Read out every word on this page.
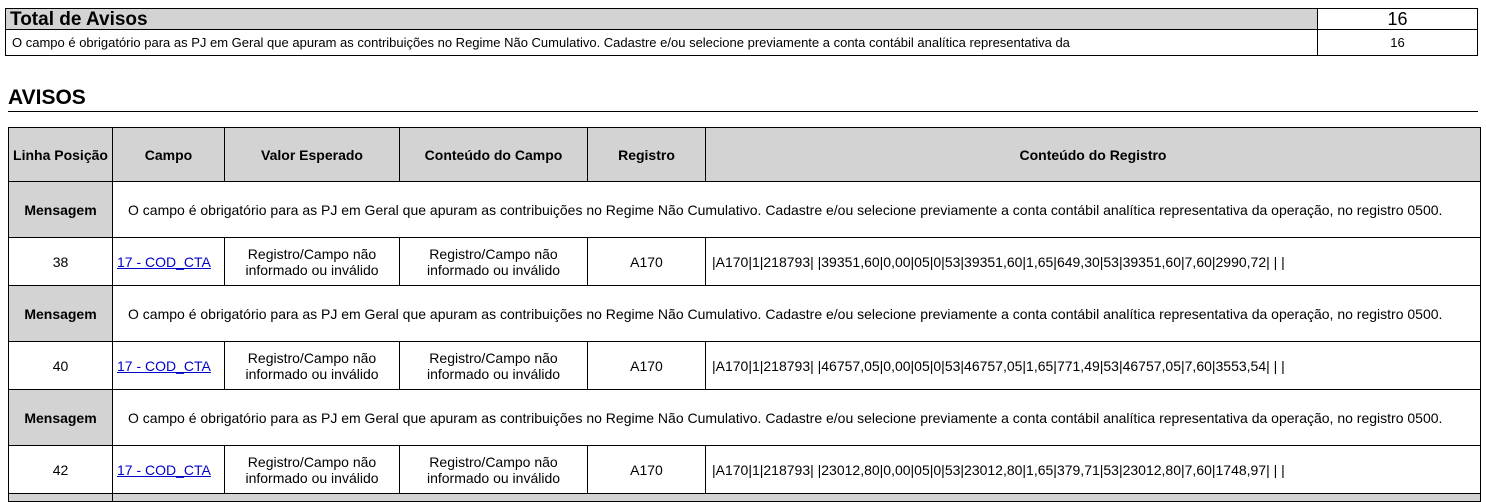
Total de Avisos	16
O campo é obrigatório para as PJ em Geral que apuram as contribuições no Regime Não Cumulativo. Cadastre e/ou selecione previamente a conta contábil analítica representativa da	16
AVISOS
Linha Posição	Campo	Valor Esperado	Conteúdo do Campo	Registro	Conteúdo do Registro
Mensagem	O campo é obrigatório para as PJ em Geral que apuram as contribuições no Regime Não Cumulativo. Cadastre e/ou selecione previamente a conta contábil analítica representativa da operação, no registro 0500.				
38	17 - COD_CTA	Registro/Campo não informado ou inválido	Registro/Campo não informado ou inválido	A170	|A170|1|218793| |39351,60|0,00|05|0|53|39351,60|1,65|649,30|53|39351,60|7,60|2990,72| | |
Mensagem	O campo é obrigatório para as PJ em Geral que apuram as contribuições no Regime Não Cumulativo. Cadastre e/ou selecione previamente a conta contábil analítica representativa da operação, no registro 0500.				
40	17 - COD_CTA	Registro/Campo não informado ou inválido	Registro/Campo não informado ou inválido	A170	|A170|1|218793| |46757,05|0,00|05|0|53|46757,05|1,65|771,49|53|46757,05|7,60|3553,54| | |
Mensagem	O campo é obrigatório para as PJ em Geral que apuram as contribuições no Regime Não Cumulativo. Cadastre e/ou selecione previamente a conta contábil analítica representativa da operação, no registro 0500.				
42	17 - COD_CTA	Registro/Campo não informado ou inválido	Registro/Campo não informado ou inválido	A170	|A170|1|218793| |23012,80|0,00|05|0|53|23012,80|1,65|379,71|53|23012,80|7,60|1748,97| | |
